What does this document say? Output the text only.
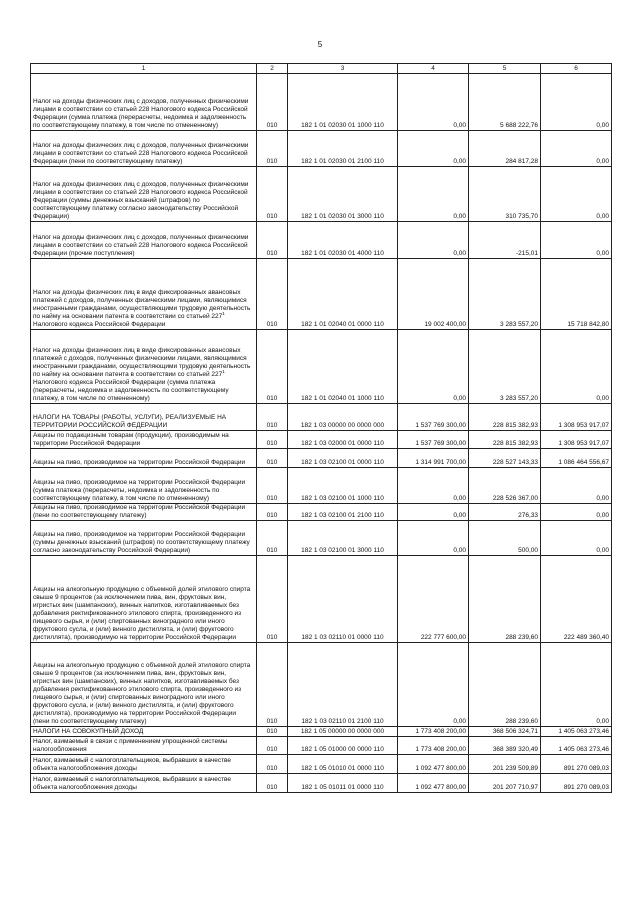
5
1	2	3	4	5	6
Налог на доходы физических лиц с доходов, полученных физическими лицами в соответствии со статьей 228 Налогового кодекса Российской Федерации (сумма платежа (перерасчеты, недоимка и задолженность по соответствующему платежу, в том числе по отмененному)	010	182 1 01 02030 01 1000 110	0,00	5 688 222,76	0,00
Налог на доходы физических лиц с доходов, полученных физическими лицами в соответствии со статьей 228 Налогового кодекса Российской Федерации (пени по соответствующему платежу)	010	182 1 01 02030 01 2100 110	0,00	284 817,28	0,00
Налог на доходы физических лиц с доходов, полученных физическими лицами в соответствии со статьей 228 Налогового кодекса Российской Федерации (суммы денежных взысканий (штрафов) по соответствующему платежу согласно законодательству Российской Федерации)	010	182 1 01 02030 01 3000 110	0,00	310 735,70	0,00
Налог на доходы физических лиц с доходов, полученных физическими лицами в соответствии со статьей 228 Налогового кодекса Российской Федерации (прочие поступления)	010	182 1 01 02030 01 4000 110	0,00	-215,01	0,00
Налог на доходы физических лиц в виде фиксированных авансовых платежей с доходов, полученных физическими лицами, являющимися иностранными гражданами, осуществляющими трудовую деятельность по найму на основании патента в соответствии со статьей $227^1$ Налогового кодекса Российской Федерации	010	182 1 01 02040 01 0000 110	19 002 400,00	3 283 557,20	15 718 842,80
Налог на доходы физических лиц в виде фиксированных авансовых платежей с доходов, полученных физическими лицами, являющимися иностранными гражданами, осуществляющими трудовую деятельность по найму на основании патента в соответствии со статьей $227^1$ Налогового кодекса Российской Федерации (сумма платежа (перерасчеты, недоимка и задолженность по соответствующему платежу, в том числе по отмененному)	010	182 1 01 02040 01 1000 110	0,00	3 283 557,20	0,00
НАЛОГИ НА ТОВАРЫ (РАБОТЫ, УСЛУГИ), РЕАЛИЗУЕМЫЕ НА ТЕРРИТОРИИ РОССИЙСКОЙ ФЕДЕРАЦИИ	010	182 1 03 00000 00 0000 000	1 537 769 300,00	228 815 382,93	1 308 953 917,07
Акцизы по подакцизным товарам (продукции), производимым на территории Российской Федерации	010	182 1 03 02000 01 0000 110	1 537 769 300,00	228 815 382,93	1 308 953 917,07
Акцизы на пиво, производимое на территории Российской Федерации	010	182 1 03 02100 01 0000 110	1 314 991 700,00	228 527 143,33	1 086 464 556,67
Акцизы на пиво, производимое на территории Российской Федерации (сумма платежа (перерасчеты, недоимка и задолженность по соответствующему платежу, в том числе по отмененному)	010	182 1 03 02100 01 1000 110	0,00	228 526 367,00	0,00
Акцизы на пиво, производимое на территории Российской Федерации (пени по соответствующему платежу)	010	182 1 03 02100 01 2100 110	0,00	276,33	0,00
Акцизы на пиво, производимое на территории Российской Федерации (суммы денежных взысканий (штрафов) по соответствующему платежу согласно законодательству Российской Федерации)	010	182 1 03 02100 01 3000 110	0,00	500,00	0,00
Акцизы на алкогольную продукцию с объемной долей этилового спирта свыше 9 процентов (за исключением пива, вин, фруктовых вин, игристых вин (шампанских), винных напитков, изготавливаемых без добавления ректификованного этилового спирта, произведенного из пищевого сырья, и (или) спиртованных виноградного или иного фруктового сусла, и (или) винного дистиллята, и (или) фруктового дистиллята), производимую на территории Российской Федерации	010	182 1 03 02110 01 0000 110	222 777 600,00	288 239,60	222 489 360,40
Акцизы на алкогольную продукцию с объемной долей этилового спирта свыше 9 процентов (за исключением пива, вин, фруктовых вин, игристых вин (шампанских), винных напитков, изготавливаемых без добавления ректификованного этилового спирта, произведенного из пищевого сырья, и (или) спиртованных виноградного или иного фруктового сусла, и (или) винного дистиллята, и (или) фруктового дистиллята), производимую на территории Российской Федерации (пени по соответствующему платежу)	010	182 1 03 02110 01 2100 110	0,00	288 239,60	0,00
НАЛОГИ НА СОВОКУПНЫЙ ДОХОД	010	182 1 05 00000 00 0000 000	1 773 408 200,00	368 506 324,71	1 405 063 273,46
Налог, взимаемый в связи с применением упрощенной системы налогообложения	010	182 1 05 01000 00 0000 110	1 773 408 200,00	368 389 320,49	1 405 063 273,46
Налог, взимаемый с налогоплательщиков, выбравших в качестве объекта налогообложения доходы	010	182 1 05 01010 01 0000 110	1 092 477 800,00	201 239 509,89	891 270 089,03
Налог, взимаемый с налогоплательщиков, выбравших в качестве объекта налогообложения доходы	010	182 1 05 01011 01 0000 110	1 092 477 800,00	201 207 710,97	891 270 089,03
